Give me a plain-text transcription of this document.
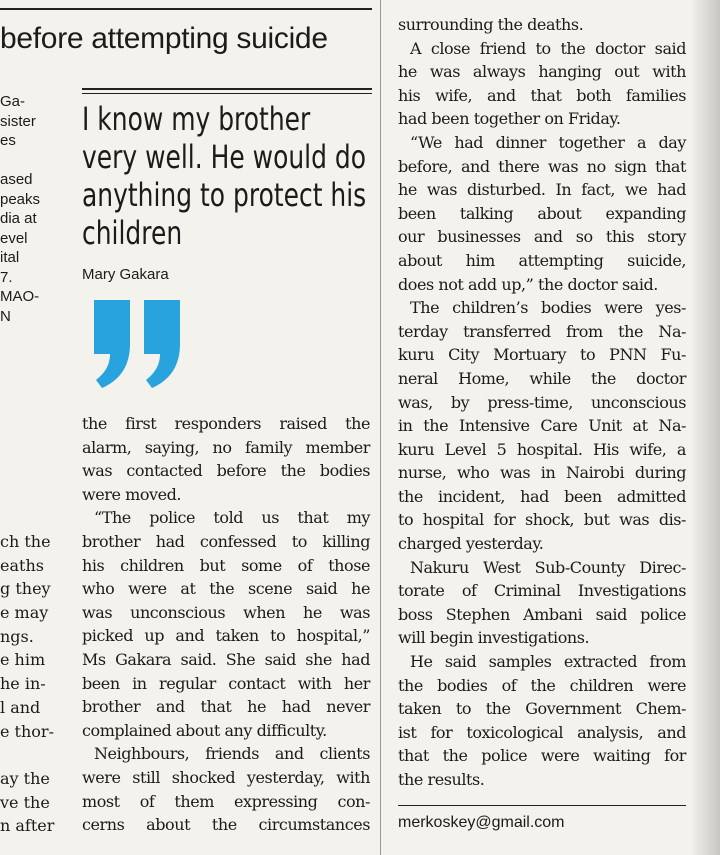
before attempting suicide
Ga-
sister
es
ased
peaks
dia at
evel
ital
7.
MAO-
N
ch the
eaths
g they
e may
ngs.
e him
he in-
l and
e thor-
ay the
ve the
n after
I know my brother
very well. He would do
anything to protect his
children
Mary Gakara
the first responders raised the
alarm, saying, no family member
was contacted before the bodies
were moved.
“The police told us that my
brother had confessed to killing
his children but some of those
who were at the scene said he
was unconscious when he was
picked up and taken to hospital,”
Ms Gakara said. She said she had
been in regular contact with her
brother and that he had never
complained about any difficulty.
Neighbours, friends and clients
were still shocked yesterday, with
most of them expressing con-
cerns about the circumstances
surrounding the deaths.
A close friend to the doctor said
he was always hanging out with
his wife, and that both families
had been together on Friday.
“We had dinner together a day
before, and there was no sign that
he was disturbed. In fact, we had
been talking about expanding
our businesses and so this story
about him attempting suicide,
does not add up,” the doctor said.
The children’s bodies were yes-
terday transferred from the Na-
kuru City Mortuary to PNN Fu-
neral Home, while the doctor
was, by press-time, unconscious
in the Intensive Care Unit at Na-
kuru Level 5 hospital. His wife, a
nurse, who was in Nairobi during
the incident, had been admitted
to hospital for shock, but was dis-
charged yesterday.
Nakuru West Sub-County Direc-
torate of Criminal Investigations
boss Stephen Ambani said police
will begin investigations.
He said samples extracted from
the bodies of the children were
taken to the Government Chem-
ist for toxicological analysis, and
that the police were waiting for
the results.
merkoskey@gmail.com
